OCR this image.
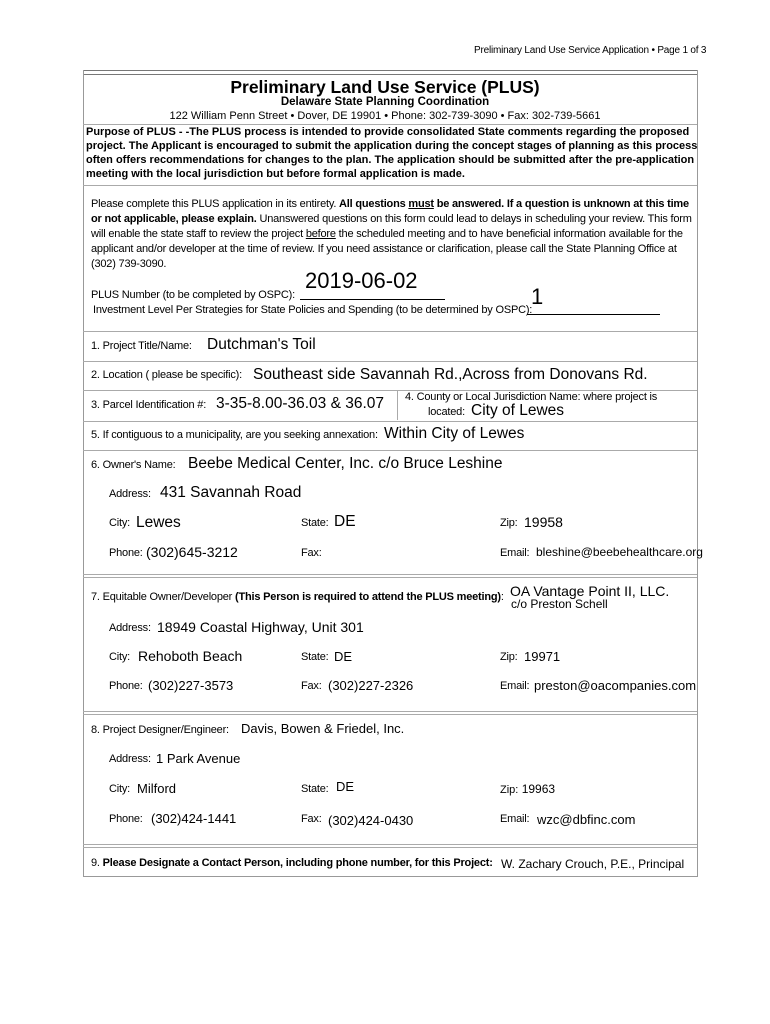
Preliminary Land Use Service Application • Page 1 of 3
Preliminary Land Use Service (PLUS)
Delaware State Planning Coordination
122 William Penn Street • Dover, DE 19901 • Phone: 302-739-3090 • Fax: 302-739-5661
Purpose of PLUS - -The PLUS process is intended to provide consolidated State comments regarding the proposed
project. The Applicant is encouraged to submit the application during the concept stages of planning as this process
often offers recommendations for changes to the plan. The application should be submitted after the pre-application
meeting with the local jurisdiction but before formal application is made.
Please complete this PLUS application in its entirety. All questions must be answered. If a question is unknown at this time
or not applicable, please explain. Unanswered questions on this form could lead to delays in scheduling your review. This form
will enable the state staff to review the project before the scheduled meeting and to have beneficial information available for the
applicant and/or developer at the time of review. If you need assistance or clarification, please call the State Planning Office at
(302) 739-3090.
PLUS Number (to be completed by OSPC):
2019-06-02
Investment Level Per Strategies for State Policies and Spending (to be determined by OSPC):
1
1. Project Title/Name: Dutchman's Toil
2. Location ( please be specific): Southeast side Savannah Rd.,Across from Donovans Rd.
3. Parcel Identification #: 3-35-8.00-36.03 & 36.07 4. County or Local Jurisdiction Name: where project is
located: City of Lewes
5. If contiguous to a municipality, are you seeking annexation: Within City of Lewes
6. Owner's Name: Beebe Medical Center, Inc. c/o Bruce Leshine
Address: 431 Savannah Road
City: Lewes	State: DE	Zip: 19958
Phone: (302)645-3212	Fax:	Email: bleshine@beebehealthcare.org
7. Equitable Owner/Developer (This Person is required to attend the PLUS meeting): OA Vantage Point II, LLC.
c/o Preston Schell
Address: 18949 Coastal Highway, Unit 301
City: Rehoboth Beach	State: DE	Zip: 19971
Phone: (302)227-3573	Fax: (302)227-2326	Email: preston@oacompanies.com
8. Project Designer/Engineer: Davis, Bowen & Friedel, Inc.
Address: 1 Park Avenue
City: Milford	State: DE	Zip: 19963
Phone: (302)424-1441	Fax: (302)424-0430	Email: wzc@dbfinc.com
9. Please Designate a Contact Person, including phone number, for this Project: W. Zachary Crouch, P.E., Principal
